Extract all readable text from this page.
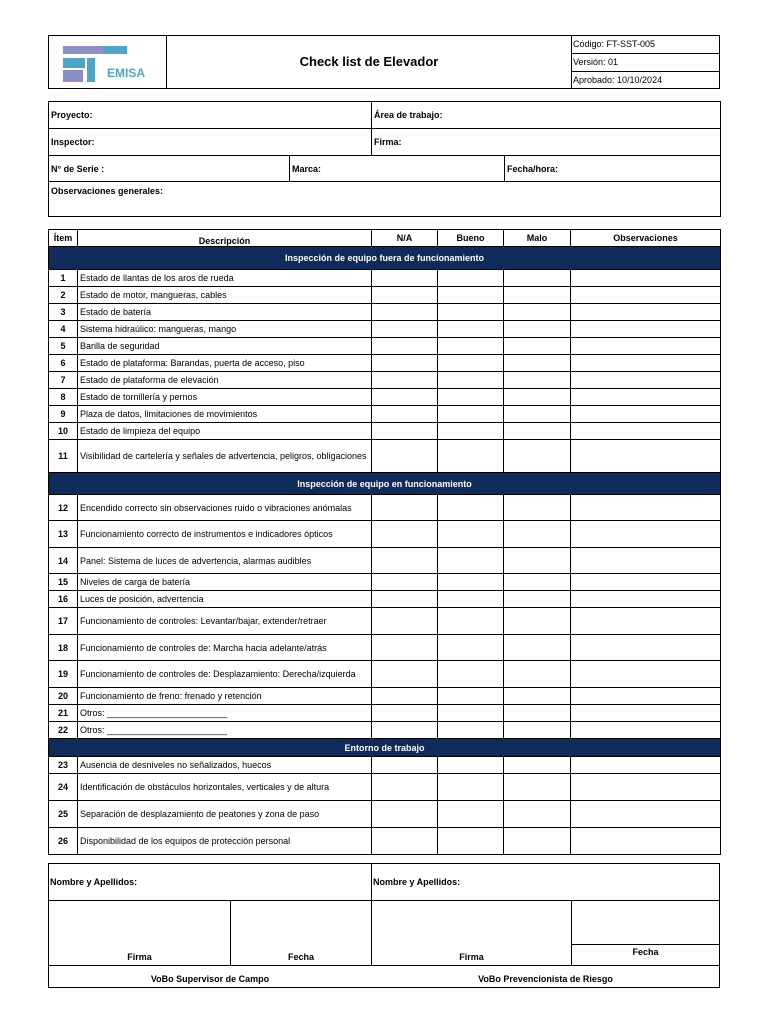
EMISA
Check list de Elevador
Código: FT-SST-005
Versión: 01
Aprobado: 10/10/2024
Proyecto:		Área de trabajo:	
Inspector:		Firma:	
N° de Serie :	Marca:		Fecha/hora:
Observaciones generales:			
Ítem	Descripción	N/A	Bueno	Malo	Observaciones
Inspección de equipo fuera de funcionamiento					
1	Estado de llantas de los aros de rueda				
2	Estado de motor, mangueras, cables				
3	Estado de batería				
4	Sistema hidraúlico: mangueras, mango				
5	Barilla de seguridad				
6	Estado de plataforma: Barandas, puerta de acceso, piso				
7	Estado de plataforma de elevación				
8	Estado de tornillería y pernos				
9	Plaza de datos, limitaciones de movimientos				
10	Estado de limpieza del equipo				
11	Visibilidad de cartelería y señales de advertencia, peligros, obligaciones				
Inspección de equipo en funcionamiento					
12	Encendido correcto sin observaciones ruido o vibraciones anómalas				
13	Funcionamiento correcto de instrumentos e indicadores ópticos				
14	Panel: Sistema de luces de advertencia, alarmas audibles				
15	Niveles de carga de batería				
16	Luces de posición, advertencia				
17	Funcionamiento de controles: Levantar/bajar, extender/retraer				
18	Funcionamiento de controles de: Marcha hacia adelante/atrás				
19	Funcionamiento de controles de: Desplazamiento: Derecha/izquierda				
20	Funcionamiento de freno: frenado y retención				
21	Otros: ________________________				
22	Otros: ________________________				
Entorno de trabajo					
23	Ausencia de desniveles no señalizados, huecos				
24	Identificación de obstáculos horizontales, verticales y de altura				
25	Separación de desplazamiento de peatones y zona de paso				
26	Disponibilidad de los equipos de protección personal				
Nombre y Apellidos:	Nombre y Apellidos:
Firma	Fecha	Firma	Fecha
VoBo Supervisor de Campo	VoBo Prevencionista de Riesgo
